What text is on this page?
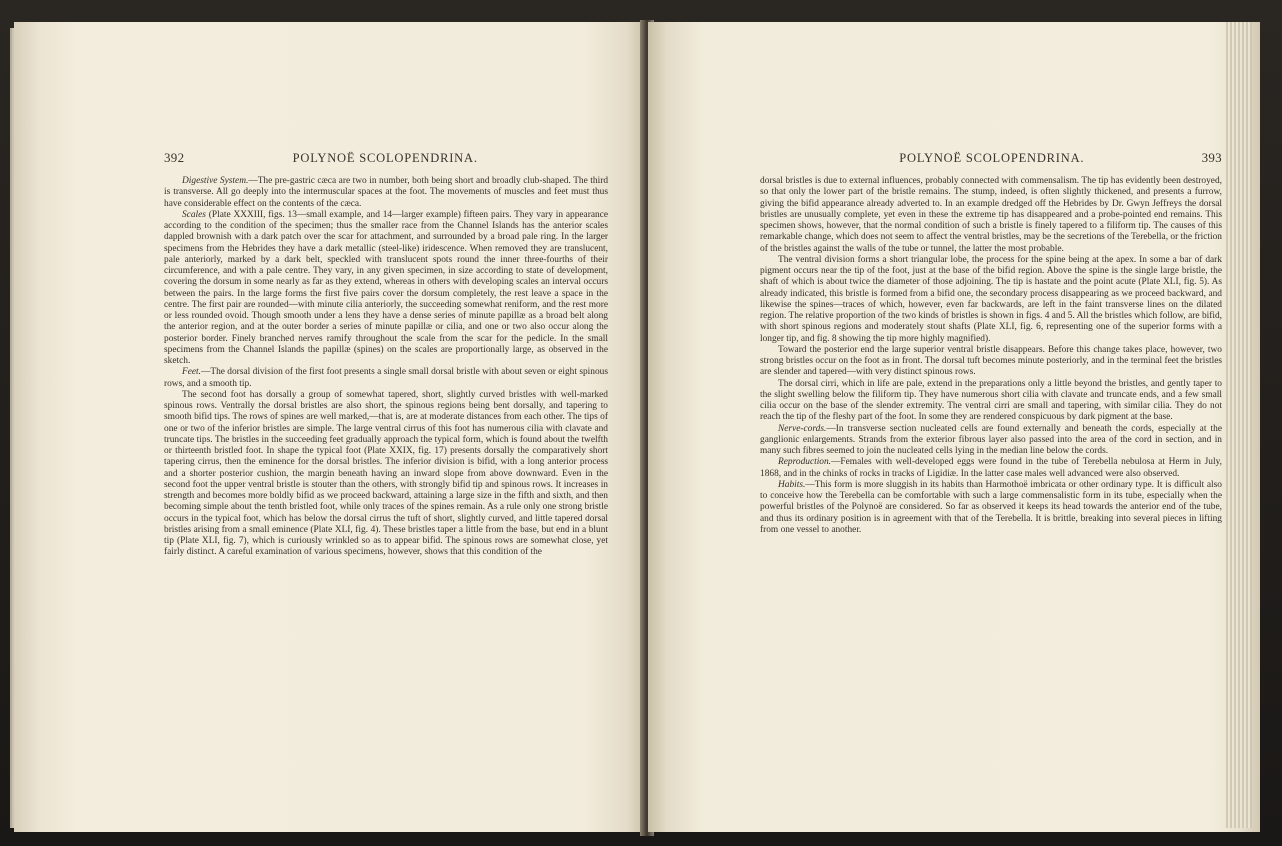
392	POLYNOË SCOLOPENDRINA.

Digestive System.—The pre-gastric cæca are two in number, both being short and broadly club-shaped. The third is transverse. All go deeply into the intermuscular spaces at the foot. The movements of muscles and feet must thus have considerable effect on the contents of the cæca.

Scales (Plate XXXIII, figs. 13—small example, and 14—larger example) fifteen pairs. They vary in appearance according to the condition of the specimen; thus the smaller race from the Channel Islands has the anterior scales dappled brownish with a dark patch over the scar for attachment, and surrounded by a broad pale ring. In the larger specimens from the Hebrides they have a dark metallic (steel-like) iridescence. When removed they are translucent, pale anteriorly, marked by a dark belt, speckled with translucent spots round the inner three-fourths of their circumference, and with a pale centre. They vary, in any given specimen, in size according to state of development, covering the dorsum in some nearly as far as they extend, whereas in others with developing scales an interval occurs between the pairs. In the large forms the first five pairs cover the dorsum completely, the rest leave a space in the centre. The first pair are rounded—with minute cilia anteriorly, the succeeding somewhat reniform, and the rest more or less rounded ovoid. Though smooth under a lens they have a dense series of minute papillæ as a broad belt along the anterior region, and at the outer border a series of minute papillæ or cilia, and one or two also occur along the posterior border. Finely branched nerves ramify throughout the scale from the scar for the pedicle. In the small specimens from the Channel Islands the papillæ (spines) on the scales are proportionally large, as observed in the sketch.

Feet.—The dorsal division of the first foot presents a single small dorsal bristle with about seven or eight spinous rows, and a smooth tip.

The second foot has dorsally a group of somewhat tapered, short, slightly curved bristles with well-marked spinous rows. Ventrally the dorsal bristles are also short, the spinous regions being bent dorsally, and tapering to smooth bifid tips. The rows of spines are well marked,—that is, are at moderate distances from each other. The tips of one or two of the inferior bristles are simple. The large ventral cirrus of this foot has numerous cilia with clavate and truncate tips. The bristles in the succeeding feet gradually approach the typical form, which is found about the twelfth or thirteenth bristled foot. In shape the typical foot (Plate XXIX, fig. 17) presents dorsally the comparatively short tapering cirrus, then the eminence for the dorsal bristles. The inferior division is bifid, with a long anterior process and a shorter posterior cushion, the margin beneath having an inward slope from above downward. Even in the second foot the upper ventral bristle is stouter than the others, with strongly bifid tip and spinous rows. It increases in strength and becomes more boldly bifid as we proceed backward, attaining a large size in the fifth and sixth, and then becoming simple about the tenth bristled foot, while only traces of the spines remain. As a rule only one strong bristle occurs in the typical foot, which has below the dorsal cirrus the tuft of short, slightly curved, and little tapered dorsal bristles arising from a small eminence (Plate XLI, fig. 4). These bristles taper a little from the base, but end in a blunt tip (Plate XLI, fig. 7), which is curiously wrinkled so as to appear bifid. The spinous rows are somewhat close, yet fairly distinct. A careful examination of various specimens, however, shows that this condition of the

POLYNOË SCOLOPENDRINA.	393

dorsal bristles is due to external influences, probably connected with commensalism. The tip has evidently been destroyed, so that only the lower part of the bristle remains. The stump, indeed, is often slightly thickened, and presents a furrow, giving the bifid appearance already adverted to. In an example dredged off the Hebrides by Dr. Gwyn Jeffreys the dorsal bristles are unusually complete, yet even in these the extreme tip has disappeared and a probe-pointed end remains. This specimen shows, however, that the normal condition of such a bristle is finely tapered to a filiform tip. The causes of this remarkable change, which does not seem to affect the ventral bristles, may be the secretions of the Terebella, or the friction of the bristles against the walls of the tube or tunnel, the latter the most probable.

The ventral division forms a short triangular lobe, the process for the spine being at the apex. In some a bar of dark pigment occurs near the tip of the foot, just at the base of the bifid region. Above the spine is the single large bristle, the shaft of which is about twice the diameter of those adjoining. The tip is hastate and the point acute (Plate XLI, fig. 5). As already indicated, this bristle is formed from a bifid one, the secondary process disappearing as we proceed backward, and likewise the spines—traces of which, however, even far backwards, are left in the faint transverse lines on the dilated region. The relative proportion of the two kinds of bristles is shown in figs. 4 and 5. All the bristles which follow, are bifid, with short spinous regions and moderately stout shafts (Plate XLI, fig. 6, representing one of the superior forms with a longer tip, and fig. 8 showing the tip more highly magnified).

Toward the posterior end the large superior ventral bristle disappears. Before this change takes place, however, two strong bristles occur on the foot as in front. The dorsal tuft becomes minute posteriorly, and in the terminal feet the bristles are slender and tapered—with very distinct spinous rows.

The dorsal cirri, which in life are pale, extend in the preparations only a little beyond the bristles, and gently taper to the slight swelling below the filiform tip. They have numerous short cilia with clavate and truncate ends, and a few small cilia occur on the base of the slender extremity. The ventral cirri are small and tapering, with similar cilia. They do not reach the tip of the fleshy part of the foot. In some they are rendered conspicuous by dark pigment at the base.

Nerve-cords.—In transverse section nucleated cells are found externally and beneath the cords, especially at the ganglionic enlargements. Strands from the exterior fibrous layer also passed into the area of the cord in section, and in many such fibres seemed to join the nucleated cells lying in the median line below the cords.

Reproduction.—Females with well-developed eggs were found in the tube of Terebella nebulosa at Herm in July, 1868, and in the chinks of rocks in tracks of Ligidiæ. In the latter case males well advanced were also observed.

Habits.—This form is more sluggish in its habits than Harmothoë imbricata or other ordinary type. It is difficult also to conceive how the Terebella can be comfortable with such a large commensalistic form in its tube, especially when the powerful bristles of the Polynoë are considered. So far as observed it keeps its head towards the anterior end of the tube, and thus its ordinary position is in agreement with that of the Terebella. It is brittle, breaking into several pieces in lifting from one vessel to another.
